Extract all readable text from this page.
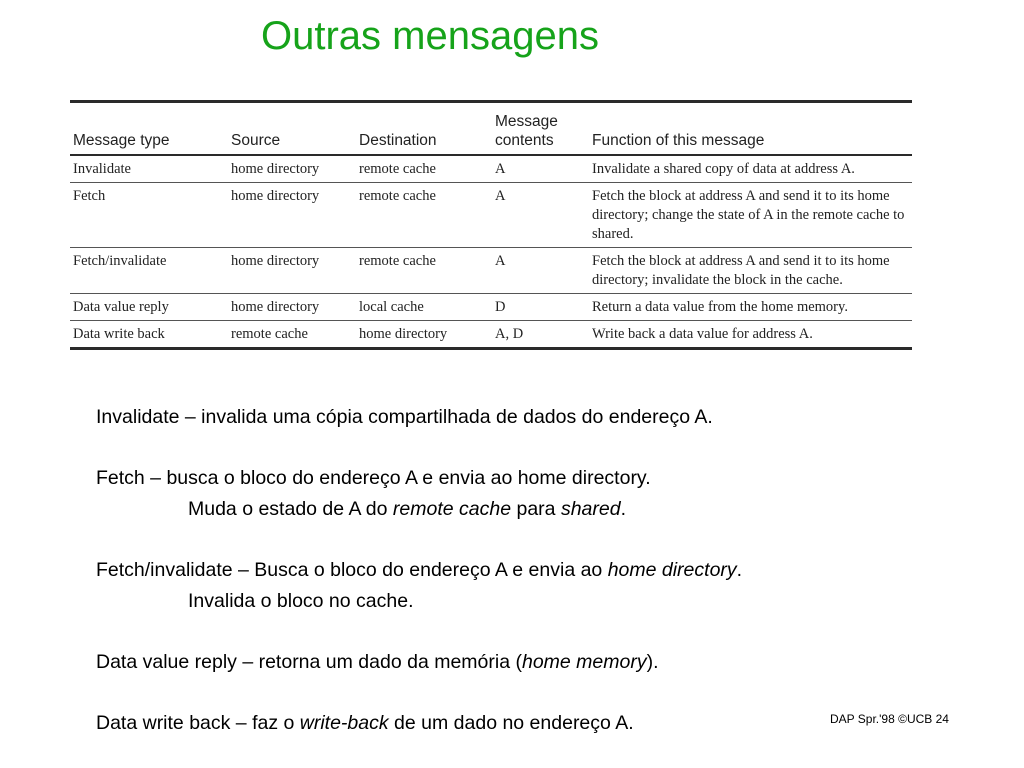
Outras mensagens
Message type	Source	Destination	Message contents	Function of this message
Invalidate	home directory	remote cache	A	Invalidate a shared copy of data at address A.
Fetch	home directory	remote cache	A	Fetch the block at address A and send it to its home directory; change the state of A in the remote cache to shared.
Fetch/invalidate	home directory	remote cache	A	Fetch the block at address A and send it to its home directory; invalidate the block in the cache.
Data value reply	home directory	local cache	D	Return a data value from the home memory.
Data write back	remote cache	home directory	A, D	Write back a data value for address A.

Invalidate – invalida uma cópia compartilhada de dados do endereço A.

Fetch – busca o bloco do endereço A e envia ao home directory.

Muda o estado de A do remote cache para shared.

Fetch/invalidate – Busca o bloco do endereço A e envia ao home directory.

Invalida o bloco no cache.

Data value reply – retorna um dado da memória (home memory).

Data write back – faz o write-back de um dado no endereço A.	DAP Spr.'98 ©UCB 24
